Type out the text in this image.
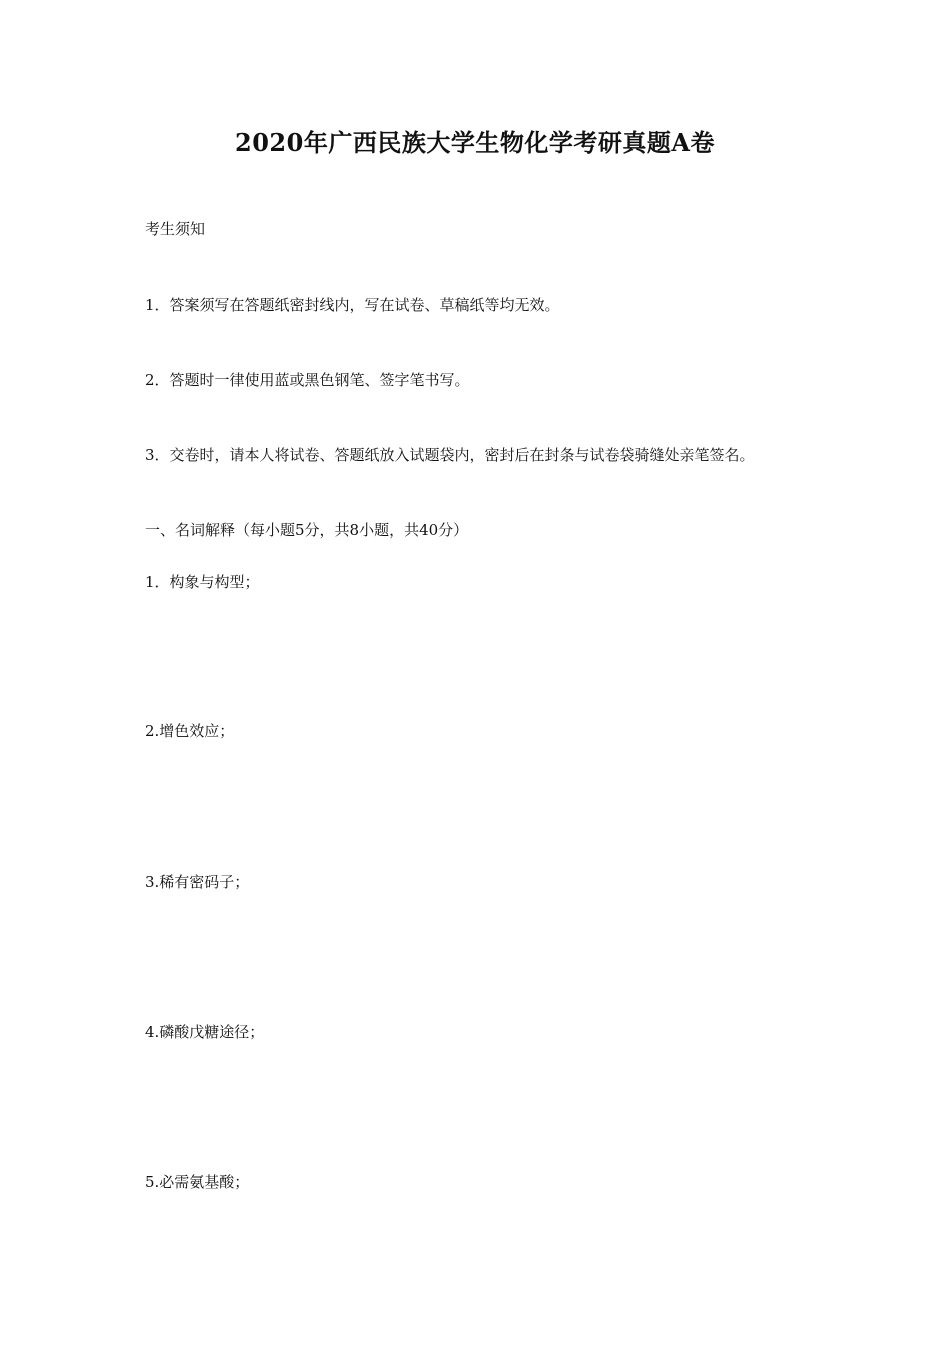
2020年广西民族大学生物化学考研真题A卷
考生须知
1．答案须写在答题纸密封线内，写在试卷、草稿纸等均无效。
2．答题时一律使用蓝或黑色钢笔、签字笔书写。
3．交卷时，请本人将试卷、答题纸放入试题袋内，密封后在封条与试卷袋骑缝处亲笔签名。
一、名词解释（每小题5分，共8小题，共40分）
1．构象与构型；
2.增色效应；
3.稀有密码子；
4.磷酸戊糖途径；
5.必需氨基酸；
